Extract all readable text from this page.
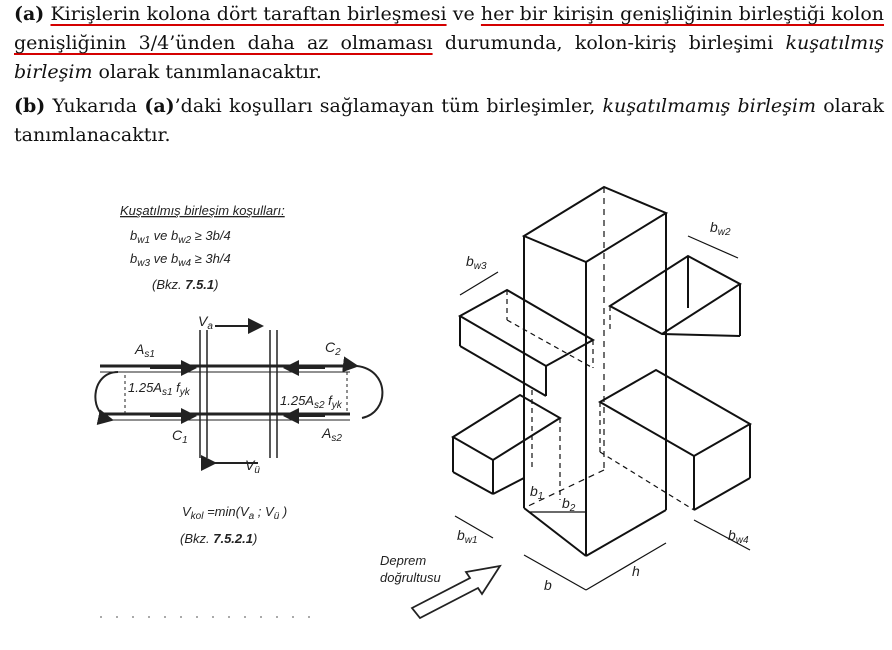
(a) Kirişlerin kolona dört taraftan birleşmesi ve her bir kirişin genişliğinin birleştiği kolon genişliğinin 3/4’ünden daha az olmaması durumunda, kolon-kiriş birleşimi kuşatılmış birleşim olarak tanımlanacaktır.
(b) Yukarıda (a)’daki koşulları sağlamayan tüm birleşimler, kuşatılmamış birleşim olarak tanımlanacaktır.
Kuşatılmış birleşim koşulları:
$b_{w1}$ ve $b_{w2} \ge 3b/4$
$b_{w3}$ ve $b_{w4} \ge 3h/4$
(Bkz. 7.5.1)
$V_a$
$V_ü$
$A_{s1}$
$A_{s2}$
$C_1$
$C_2$
$1.25A_{s1}$ $f_{yk}$
$1.25A_{s2}$ $f_{yk}$
$V_{kol} =\min(V_a$ ; $V_ü$ )
(Bkz. 7.5.2.1)
$b_{w3}$
$b_{w2}$
$b_{w1}$	$b_{w4}$
$b_1$ $b_2$
b
h
Deprem
doğrultusu
